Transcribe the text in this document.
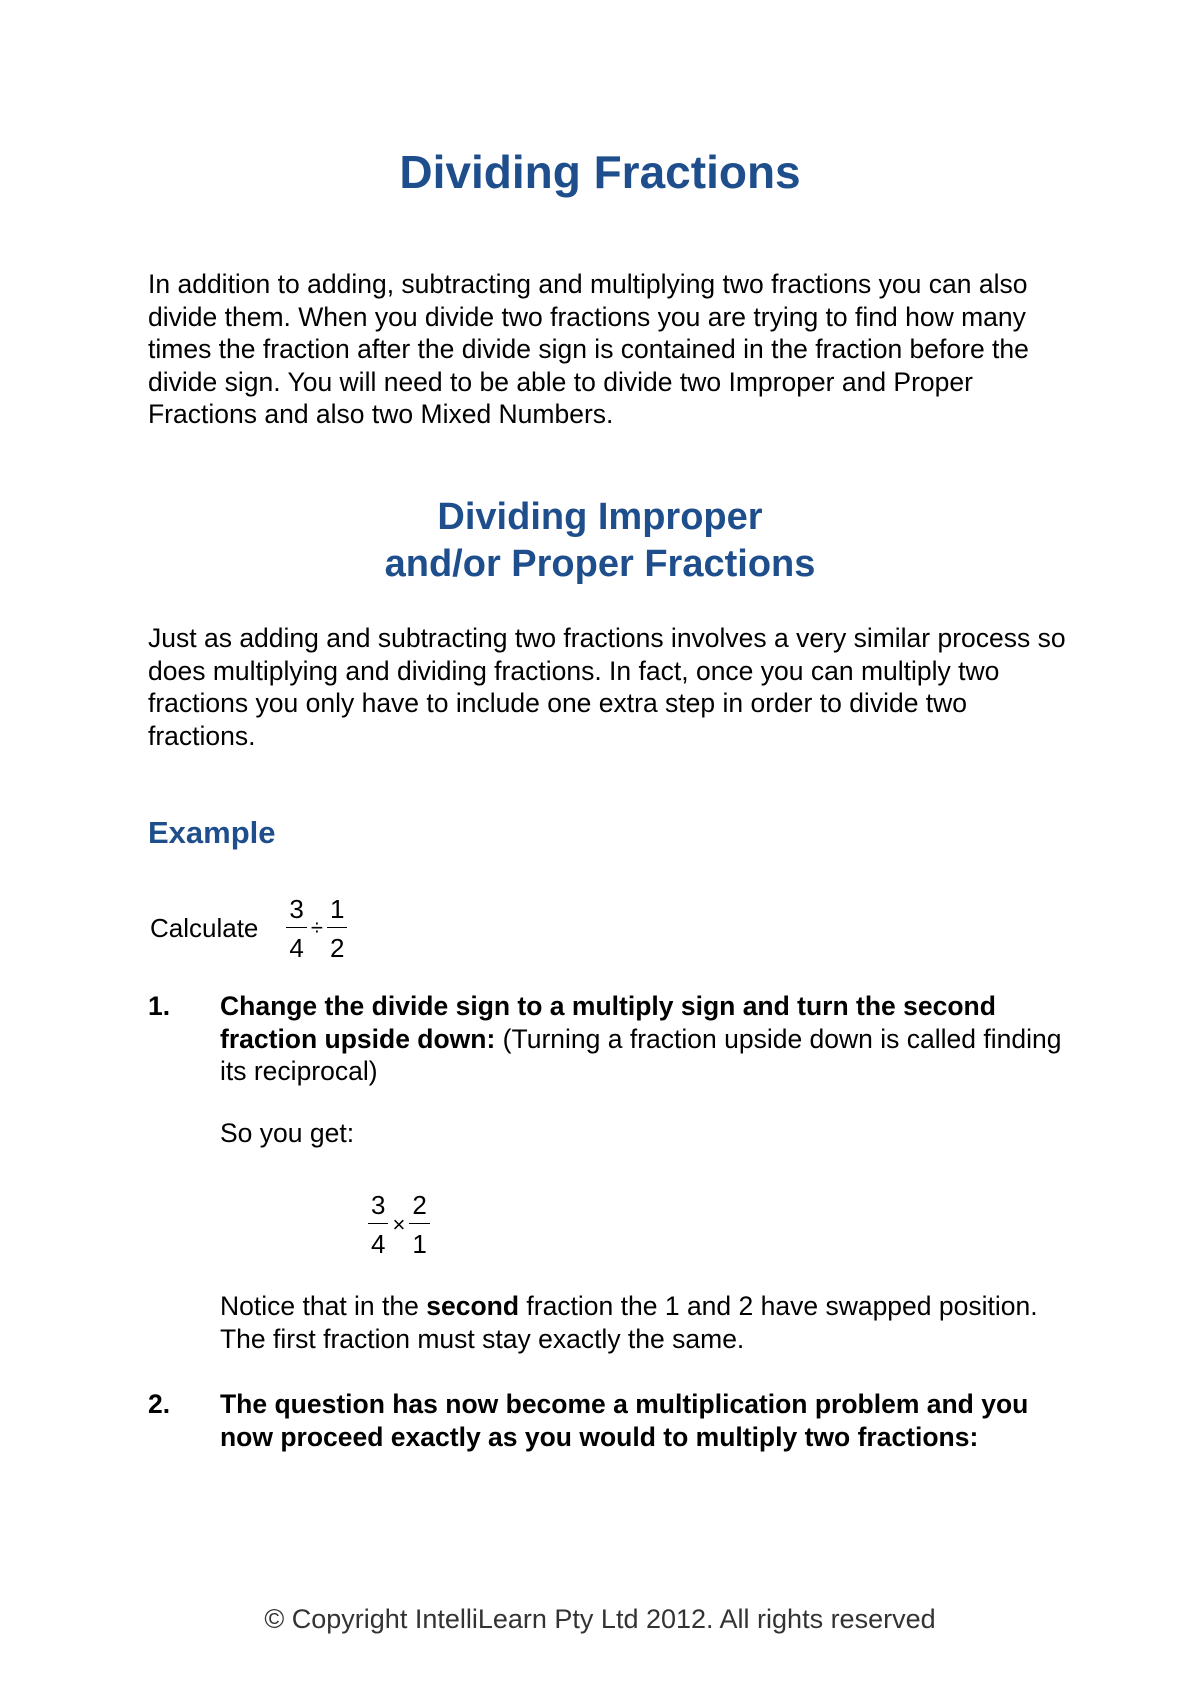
Dividing Fractions

In addition to adding, subtracting and multiplying two fractions you can also divide them. When you divide two fractions you are trying to find how many times the fraction after the divide sign is contained in the fraction before the divide sign. You will need to be able to divide two Improper and Proper Fractions and also two Mixed Numbers.

Dividing Improper
and/or Proper Fractions

Just as adding and subtracting two fractions involves a very similar process so does multiplying and dividing fractions. In fact, once you can multiply two fractions you only have to include one extra step in order to divide two fractions.

Example
Calculate $\frac{3}{4} \div \frac{1}{2}$
1. Change the divide sign to a multiply sign and turn the second fraction upside down: (Turning a fraction upside down is called finding its reciprocal)
So you get:
$\frac{3}{4} \times \frac{2}{1}$
Notice that in the second fraction the 1 and 2 have swapped position. The first fraction must stay exactly the same.
2. The question has now become a multiplication problem and you now proceed exactly as you would to multiply two fractions:

© Copyright IntelliLearn Pty Ltd 2012. All rights reserved
